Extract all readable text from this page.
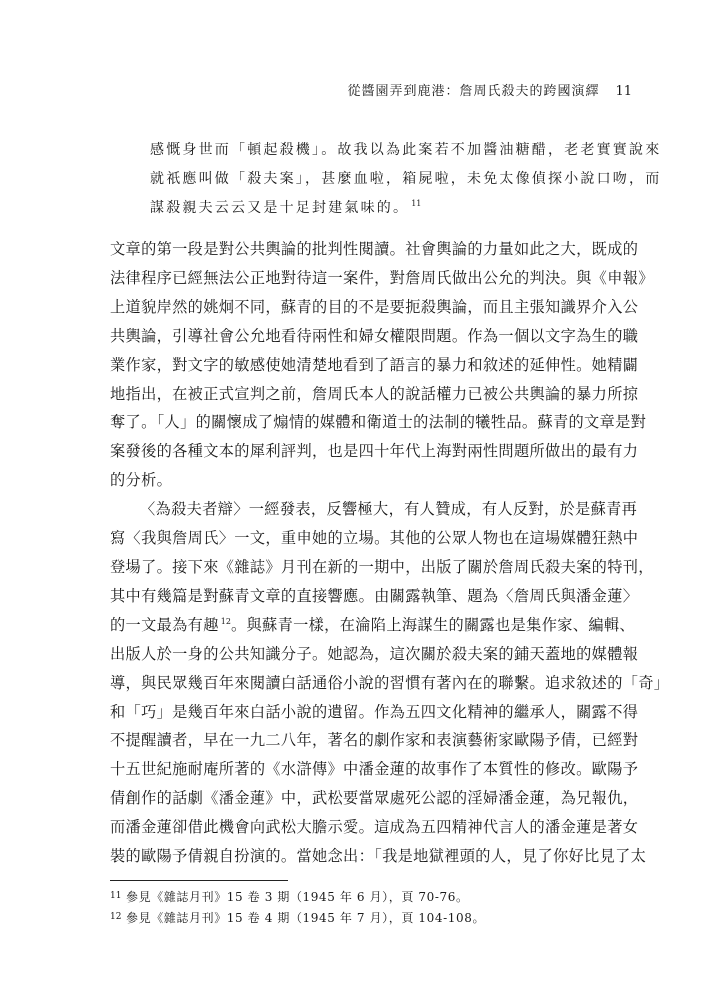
從醬園弄到鹿港：詹周氏殺夫的跨國演繹 11

感慨身世而「頓起殺機」。故我以為此案若不加醬油糖醋，老老實實說來

就祇應叫做「殺夫案」，甚麼血啦，箱屍啦，未免太像偵探小說口吻，而

謀殺親夫云云又是十足封建氣味的。 $^{11}$

文章的第一段是對公共輿論的批判性閱讀。社會輿論的力量如此之大，既成的

法律程序已經無法公正地對待這一案件，對詹周氏做出公允的判決。與《申報》

上道貌岸然的姚炯不同，蘇青的目的不是要扼殺輿論，而且主張知識界介入公

共輿論，引導社會公允地看待兩性和婦女權限問題。作為一個以文字為生的職

業作家，對文字的敏感使她清楚地看到了語言的暴力和敘述的延伸性。她精闢

地指出，在被正式宣判之前，詹周氏本人的說話權力已被公共輿論的暴力所掠

奪了。「人」的關懷成了煽情的媒體和衛道士的法制的犧牲品。蘇青的文章是對

案發後的各種文本的犀利評判，也是四十年代上海對兩性問題所做出的最有力

的分析。

〈為殺夫者辯〉一經發表，反響極大，有人贊成，有人反對，於是蘇青再

寫〈我與詹周氏〉一文，重申她的立場。其他的公眾人物也在這場媒體狂熱中

登場了。接下來《雜誌》月刊在新的一期中，出版了關於詹周氏殺夫案的特刊，

其中有幾篇是對蘇青文章的直接響應。由關露執筆、題為〈詹周氏與潘金蓮〉

的一文最為有趣 $^{12}$。與蘇青一樣，在淪陷上海謀生的關露也是集作家、編輯、

出版人於一身的公共知識分子。她認為，這次關於殺夫案的鋪天蓋地的媒體報

導，與民眾幾百年來閱讀白話通俗小說的習慣有著內在的聯繫。追求敘述的「奇」

和「巧」是幾百年來白話小說的遺留。作為五四文化精神的繼承人，關露不得

不提醒讀者，早在一九二八年，著名的劇作家和表演藝術家歐陽予倩，已經對

十五世紀施耐庵所著的《水滸傳》中潘金蓮的故事作了本質性的修改。歐陽予

倩創作的話劇《潘金蓮》中，武松要當眾處死公認的淫婦潘金蓮，為兄報仇，

而潘金蓮卻借此機會向武松大膽示愛。這成為五四精神代言人的潘金蓮是著女

裝的歐陽予倩親自扮演的。當她念出：「我是地獄裡頭的人，見了你好比見了太

11 參見《雜誌月刊》15 卷 3 期（1945 年 6 月），頁 70-76。

12 參見《雜誌月刊》15 卷 4 期（1945 年 7 月），頁 104-108。
